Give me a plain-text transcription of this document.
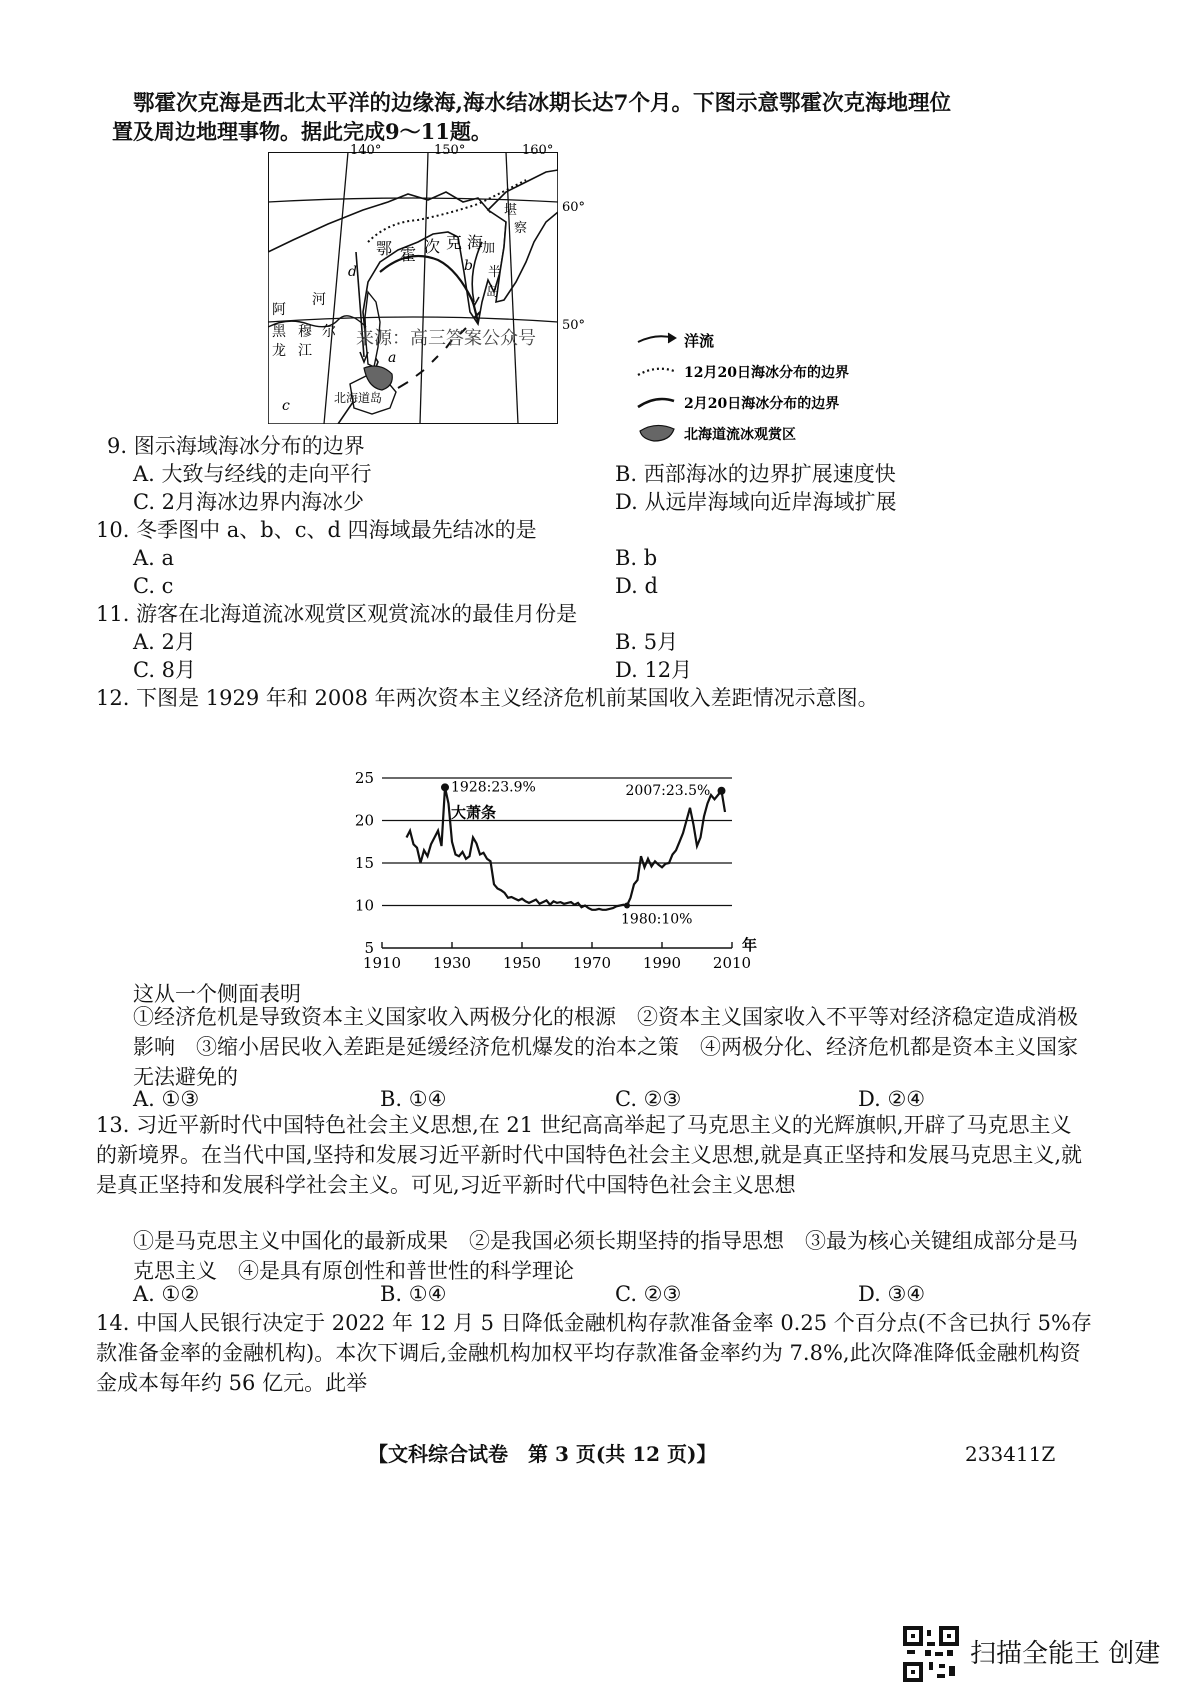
鄂霍次克海是西北太平洋的边缘海,海水结冰期长达7个月。下图示意鄂霍次克海地理位
置及周边地理事物。据此完成9～11题。
鄂 霍 次 克 海
堪
察
加
半
岛
阿
河
黑 穆
龙 江
尔
北海道岛
a
b
c
d
来源：高三答案公众号
140°	150°	160°
60°
50°
洋流
12月20日海冰分布的边界
2月20日海冰分布的边界
北海道流冰观赏区
9. 图示海域海冰分布的边界
A. 大致与经线的走向平行	B. 西部海冰的边界扩展速度快
C. 2月海冰边界内海冰少	D. 从远岸海域向近岸海域扩展
10. 冬季图中 a、b、c、d 四海域最先结冰的是
A. a	B. b
C. c	D. d
11. 游客在北海道流冰观赏区观赏流冰的最佳月份是
A. 2月	B. 5月
C. 8月	D. 12月
12. 下图是 1929 年和 2008 年两次资本主义经济危机前某国收入差距情况示意图。
5
10
15
20
25
1910 1930 1950 1970 1990 2010
年
1928:23.9%
大萧条
2007:23.5%
1980:10%
这从一个侧面表明
①经济危机是导致资本主义国家收入两极分化的根源　②资本主义国家收入不平等对经济稳定造成消极影响　③缩小居民收入差距是延缓经济危机爆发的治本之策　④两极分化、经济危机都是资本主义国家无法避免的
A. ①③	B. ①④	C. ②③	D. ②④
13. 习近平新时代中国特色社会主义思想,在 21 世纪高高举起了马克思主义的光辉旗帜,开辟了马克思主义的新境界。在当代中国,坚持和发展习近平新时代中国特色社会主义思想,就是真正坚持和发展马克思主义,就是真正坚持和发展科学社会主义。可见,习近平新时代中国特色社会主义思想
①是马克思主义中国化的最新成果　②是我国必须长期坚持的指导思想　③最为核心关键组成部分是马克思主义　④是具有原创性和普世性的科学理论
A. ①②	B. ①④	C. ②③	D. ③④
14. 中国人民银行决定于 2022 年 12 月 5 日降低金融机构存款准备金率 0.25 个百分点(不含已执行 5%存款准备金率的金融机构)。本次下调后,金融机构加权平均存款准备金率约为 7.8%,此次降准降低金融机构资金成本每年约 56 亿元。此举
【文科综合试卷　第 3 页(共 12 页)】	233411Z
扫描全能王 创建
